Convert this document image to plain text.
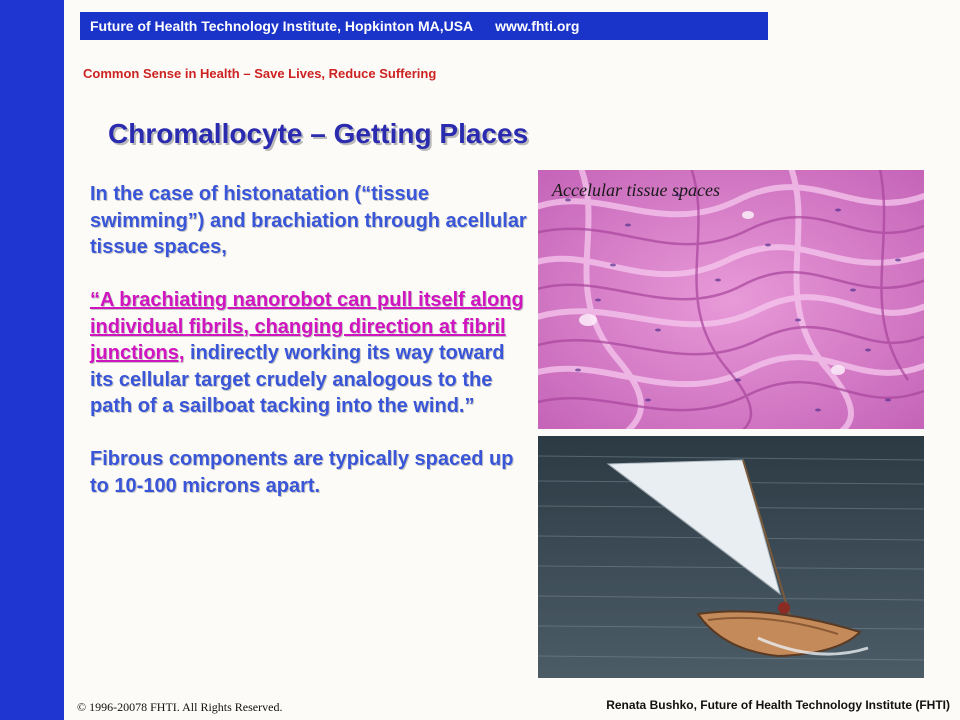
Future of Health Technology Institute, Hopkinton MA,USA www.fhti.org
Common Sense in Health – Save Lives, Reduce Suffering
Chromallocyte – Getting Places

In the case of histonatation (“tissue swimming”) and brachiation through acellular tissue spaces,

“A brachiating nanorobot can pull itself along individual fibrils, changing direction at fibril junctions, indirectly working its way toward its cellular target crudely analogous to the path of a sailboat tacking into the wind.”

Fibrous components are typically spaced up to 10-100 microns apart.

Accelular tissue spaces
© 1996-20078 FHTI. All Rights Reserved.	Renata Bushko, Future of Health Technology Institute (FHTI)
